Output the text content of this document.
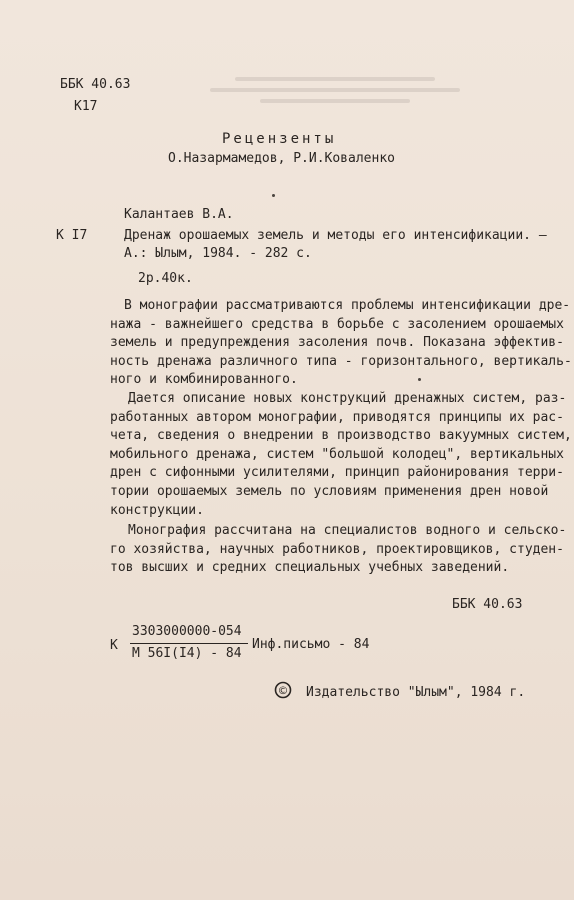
ББК 40.63
К17
Рецензенты
О.Назармамедов, Р.И.Коваленко
Калантаев В.А.
К І7	Дренаж орошаемых земель и методы его интенсификации. –
А.: Ылым, 1984. - 282 с.
2р.40к.
В монографии рассматриваются проблемы интенсификации дре-
нажа - важнейшего средства в борьбе с засолением орошаемых
земель и предупреждения засоления почв. Показана эффектив-
ность дренажа различного типа - горизонтального, вертикаль-
ного и комбинированного.
Дается описание новых конструкций дренажных систем, раз-
работанных автором монографии, приводятся принципы их рас-
чета, сведения о внедрении в производство вакуумных систем,
мобильного дренажа, систем "большой колодец", вертикальных
дрен с сифонными усилителями, принцип районирования терри-
тории орошаемых земель по условиям применения дрен новой
конструкции.
Монография рассчитана на специалистов водного и сельско-
го хозяйства, научных работников, проектировщиков, студен-
тов высших и средних специальных учебных заведений.
ББК 40.63
К
3303000000-054
М 56І(І4) - 84
Инф.письмо - 84
© Издательство "Ылым", 1984 г.
